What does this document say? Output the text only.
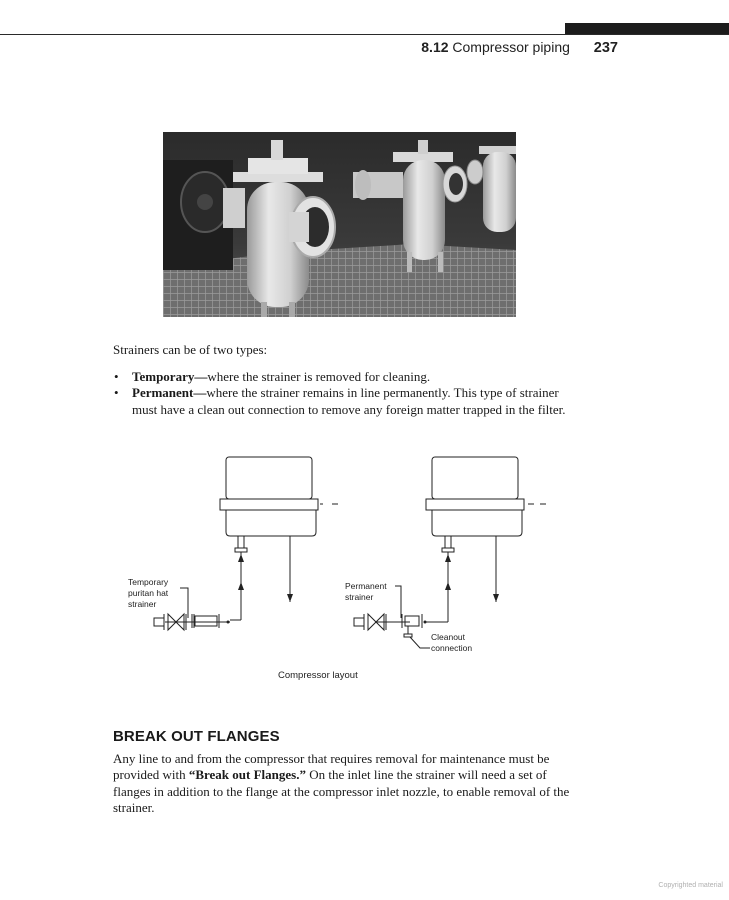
8.12 Compressor piping 237
Strainers can be of two types:
• Temporary—where the strainer is removed for cleaning.
• Permanent—where the strainer remains in line permanently. This type of strainer must have a clean out connection to remove any foreign matter trapped in the filter.
Temporary
puritan hat
strainer
Permanent
strainer
Cleanout
connection
Compressor layout
BREAK OUT FLANGES
Any line to and from the compressor that requires removal for maintenance must be provided with “Break out Flanges.” On the inlet line the strainer will need a set of flanges in addition to the flange at the compressor inlet nozzle, to enable removal of the strainer.
Copyrighted material
